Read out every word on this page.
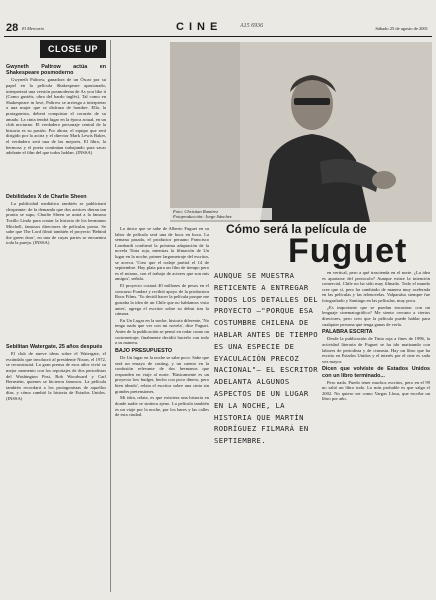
28 El Mercurio	CINE	A15 6936	Sábado 25 de agosto de 2001
CLOSE UP
Gwyneth Paltrow actúa en Shakespeare posmoderno

Gwyneth Paltrow, ganadora de un Óscar por su papel en la película Shakespeare apasionado, interpretará una versión posmoderna de As you like it (Como gustéis, obra del bardo inglés). Tal como en Shakespeare in love, Paltrow se arriesga a interpretar a una mujer que se disfraza de hombre. Ella, la protagonista, deberá conquistar el corazón de su amado. La cinta tendrá lugar en la época actual, en un club nocturno. El verdadero personaje central de la historia es su pasión. Por ahora, el equipo que será dirigido por la actriz y el director Mark Lewis Baker, el verdadero será una de las mejores. El libro, la hermosa y el poeta continúan trabajando para sacar adelante el film del que todos hablan. (INSSA)

Debilidades X de Charlie Sheen

La publicidad mediática también se publicitará chispeante: de la demanda que dos actrices dieran tan pronto se supo, Charlie Sheen se unirá a la famosa Tosillo Lindo para contar la historia de los hermanos Mitchell, famosos directores de películas porno. Se sabe que The Lord filmó también el proyecto 'Behind the green door', en una de cuyas partes se encuentra toda la pareja. (INSSA)

Sebilitan Watergate, 25 años después

El club de nueve ideas sobre el Watergate, el escándalo que involucró al presidente Nixon, el 1972, se reconstruirá. La gran prensa de esos años vivió su mejor momento con los reportajes de dos periodistas del Washington Post, Bob Woodward y Carl Bernstein, quienes se hicieron famosos. La película también recordará a los protagonistas de aquellos días, y cómo cambió la historia de Estados Unidos. (INSSA)

Foto: Christian Ramírez
Fotoproducción: Jorge Sánchez
Cómo será la película de
Fuguet

Lo único que se sabe de Alberto Fuguet en su labor de película será una de boca en boca. La semana pasada, el productor peruano Francisco Lombardi confirmó la próxima adaptación de la novela Tinta roja, mientras la filmación de Un lugar en la noche, primer largometraje del escritor, se acerca. 'Creo que el rodaje partirá el 14 de septiembre. Hay plata para un film de tiempo pero es el mismo, con el trabajo de actores que son mis amigos', señala.

El proyecto costará 40 millones de pesos en el concurso Fondart y recibió apoyo de la productora Roos Films. 'Yo decidí hacer la película porque me gustaba la idea de un Chile que no habíamos visto antes', agrega el escritor sobre su debut tras la cámara.

En Un Lugar en la noche, historia diferente, 'No tengo nada que ver con mi novela', dice Fuguet. Antes de la publicación se pensó en rodar como un cortometraje; finalmente decidió hacerlo con todo a su manera.

BAJO PRESUPUESTO

De Un lugar en la noche se sabe poco. Sabe que será un ensayo de casting, y un cuento en la confusión relevante de dos hermanos que responden en viaje al norte. 'Básicamente es un proyecto low budget, hecho con poco dinero, pero bien ideado', relata el escritor sobre una cinta sin grandes pretensiones.

Mi idea, relata, es que existiera una historia en donde nadie se sintiera ajeno. La película también es un viaje por la noche, por los bares y las calles de esta ciudad.

AUNQUE SE MUESTRA RETICENTE A ENTREGAR TODOS LOS DETALLES DEL PROYECTO —"PORQUE ESA COSTUMBRE CHILENA DE HABLAR ANTES DE TIEMPO ES UNA ESPECIE DE EYACULACIÓN PRECOZ NACIONAL"— EL ESCRITOR ADELANTA ALGUNOS ASPECTOS DE UN LUGAR EN LA NOCHE, LA HISTORIA QUE MARTÍN RODRÍGUEZ FILMARÁ EN SEPTIEMBRE.

en vertical, pero a qué trascienda en el norte. ¿La idea es apartarse del protocolo? Aunque existe la intención comercial, Chile no ha sido muy filmado. Todo el mundo cree que sí, pero ha cambiado de manera muy acelerada en las películas y las telenovelas. Valparaíso siempre fue fotografiado y Santiago en las películas, muy poco.

¿Es importante que se puedan encontrar con un lenguaje cinematográfico? Me siento cercano a ciertos directores, pero creo que la película puede hablar para cualquier persona que tenga ganas de verla.

PALABRA ESCRITA

Desde la publicación de Tinta roja a fines de 1996, la actividad literaria de Fuguet se ha ido matizando con labores de periodista y de cineasta. Hay un libro que ha escrito en Estados Unidos y el interés por el cine es cada vez mayor.

Dicen que volviste de Estados Unidos con un libro terminado...

Pero nada. Puedo tener muchos escritos, pero en el 99 no salió un libro todo. Lo más probable es que salga el 2002. No quiero ser como Vargas Llosa, que escribe un libro por año.
